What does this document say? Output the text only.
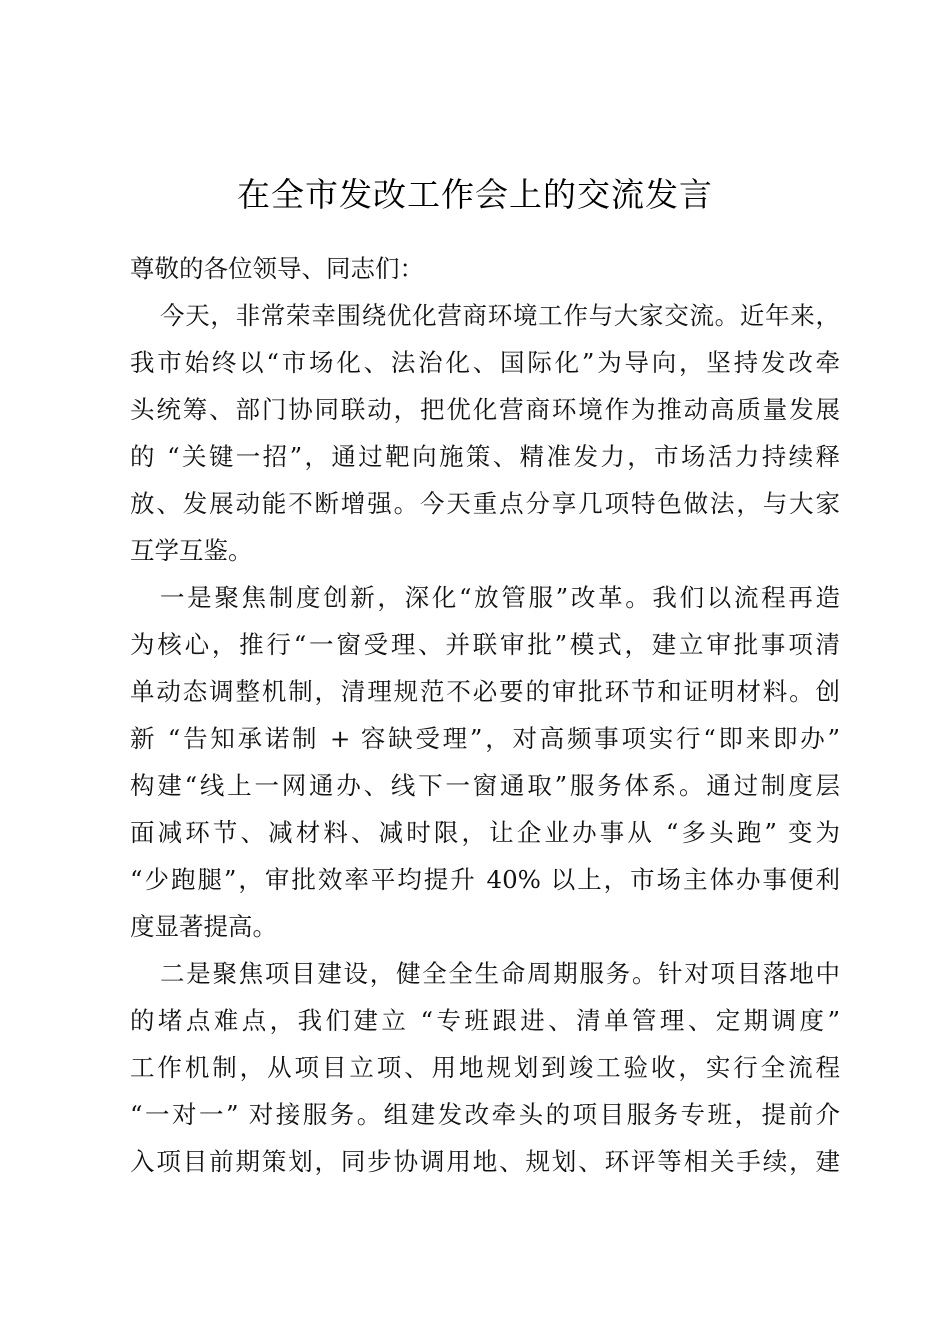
在全市发改工作会上的交流发言
尊敬的各位领导、同志们：
今天，非常荣幸围绕优化营商环境工作与大家交流。近年来，
我市始终以“市场化、法治化、国际化”为导向，坚持发改牵
头统筹、部门协同联动，把优化营商环境作为推动高质量发展
的 “关键一招”，通过靶向施策、精准发力，市场活力持续释
放、发展动能不断增强。今天重点分享几项特色做法，与大家
互学互鉴。
一是聚焦制度创新，深化“放管服”改革。我们以流程再造
为核心，推行“一窗受理、并联审批”模式，建立审批事项清
单动态调整机制，清理规范不必要的审批环节和证明材料。创
新 “告知承诺制 + 容缺受理”，对高频事项实行“即来即办”
构建“线上一网通办、线下一窗通取”服务体系。通过制度层
面减环节、减材料、减时限，让企业办事从 “多头跑” 变为
“少跑腿”，审批效率平均提升 40% 以上，市场主体办事便利
度显著提高。
二是聚焦项目建设，健全全生命周期服务。针对项目落地中
的堵点难点，我们建立 “专班跟进、清单管理、定期调度”
工作机制，从项目立项、用地规划到竣工验收，实行全流程
“一对一” 对接服务。组建发改牵头的项目服务专班，提前介
入项目前期策划，同步协调用地、规划、环评等相关手续，建
